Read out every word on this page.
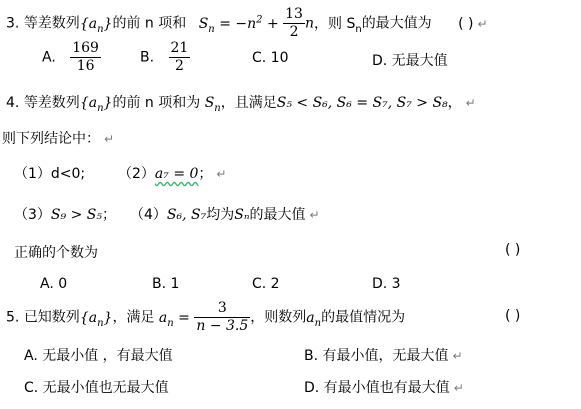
3. 等差数列$\{a_n\}$的前 n 项和 $S_n = -n^2 + \frac{13}{2}$ n，则 $S_n$的最大值为 ( ) ↵
A. $\frac{169}{16}$	B. $\frac{21}{2}$	C. 10	D. 无最大值
4. 等差数列$\{a_n\}$的前 n 项和为 $S_n$，且满足S₅ < S₆, S₆ = S₇, S₇ > S₈， ↵
则下列结论中： ↵
（1）d<0; （2）a₇ = 0； ↵
（3）S₉ > S₅； （4）S₆, S₇均为Sₙ的最大值 ↵
正确的个数为	( )
A. 0	B. 1	C. 2	D. 3
5. 已知数列$\{a_n\}$，满足 $a_n = \frac{3}{n - 3.5}$ ，则数列$a_n$的最值情况为	( )
A. 无最小值 ，有最大值	B. 有最小值，无最大值 ↵
C. 无最小值也无最大值	D. 有最小值也有最大值 ↵
